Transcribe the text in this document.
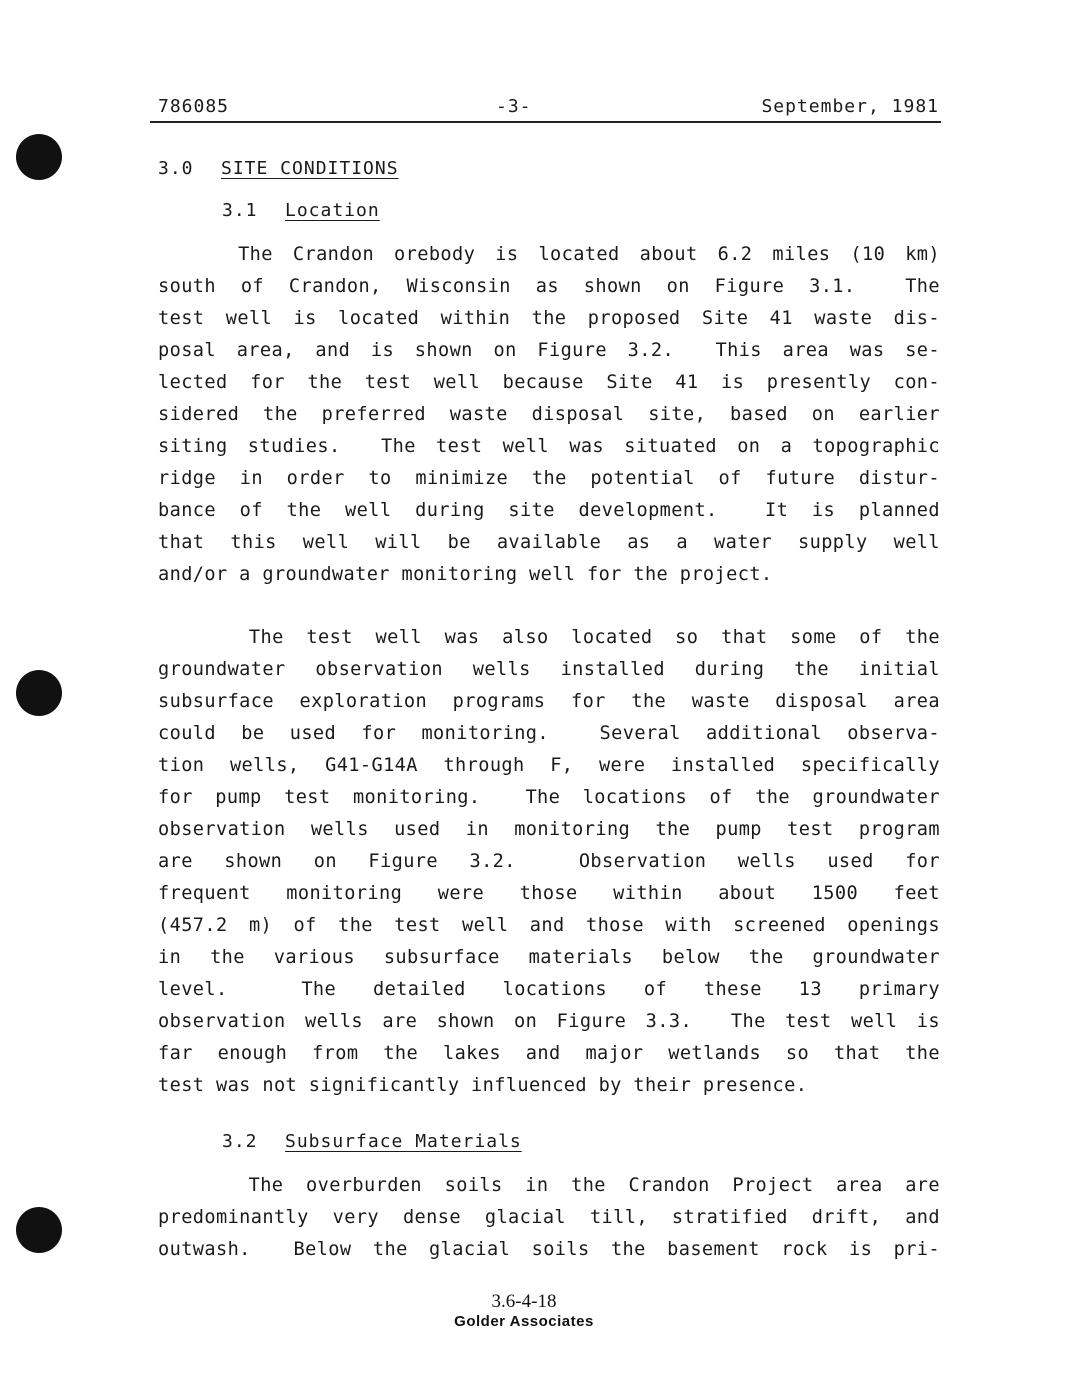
786085	-3-	September, 1981
3.0 SITE CONDITIONS
3.1 Location
The Crandon orebody is located about 6.2 miles (10 km)
south of Crandon, Wisconsin as shown on Figure 3.1.  The
test well is located within the proposed Site 41 waste dis-
posal area, and is shown on Figure 3.2.  This area was se-
lected for the test well because Site 41 is presently con-
sidered the preferred waste disposal site, based on earlier
siting studies.  The test well was situated on a topographic
ridge in order to minimize the potential of future distur-
bance of the well during site development.  It is planned
that this well will be available as a water supply well
and/or a groundwater monitoring well for the project.
The test well was also located so that some of the
groundwater observation wells installed during the initial
subsurface exploration programs for the waste disposal area
could be used for monitoring.  Several additional observa-
tion wells, G41-G14A through F, were installed specifically
for pump test monitoring.  The locations of the groundwater
observation wells used in monitoring the pump test program
are shown on Figure 3.2.  Observation wells used for
frequent monitoring were those within about 1500 feet
(457.2 m) of the test well and those with screened openings
in the various subsurface materials below the groundwater
level.  The detailed locations of these 13 primary
observation wells are shown on Figure 3.3.  The test well is
far enough from the lakes and major wetlands so that the
test was not significantly influenced by their presence.
3.2 Subsurface Materials
The overburden soils in the Crandon Project area are
predominantly very dense glacial till, stratified drift, and
outwash.  Below the glacial soils the basement rock is pri-
3.6-4-18
Golder Associates
